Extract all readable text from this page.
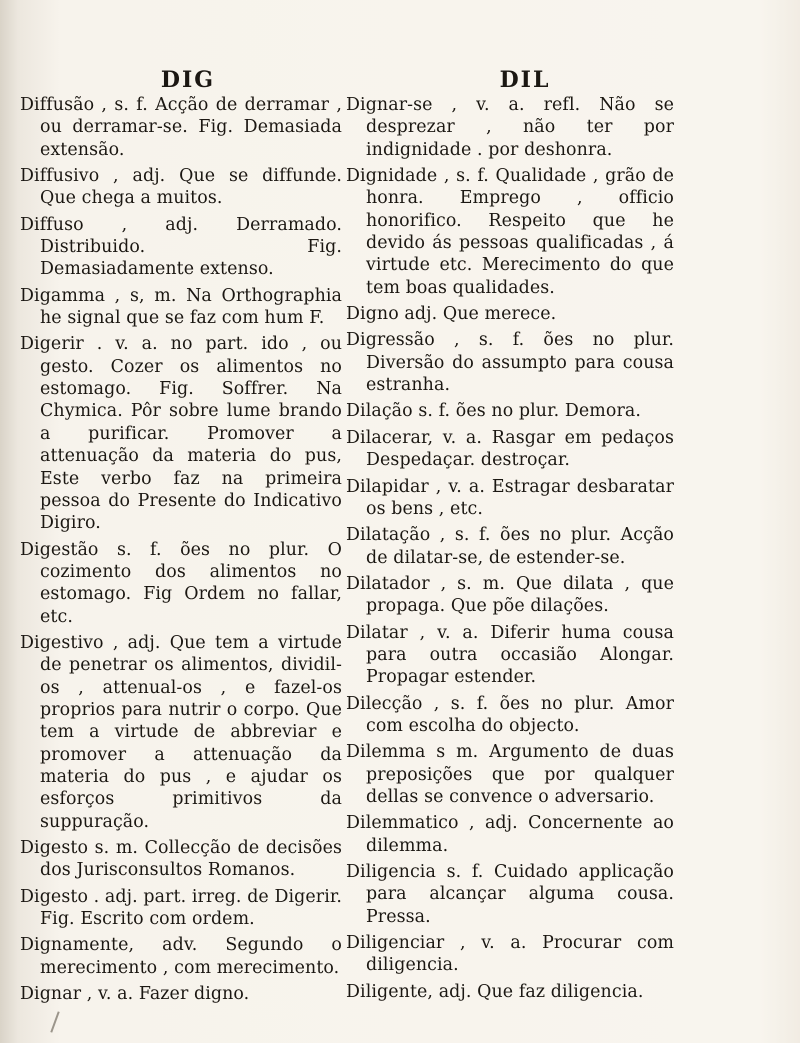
DIG

Diffusão , s. f. Acção de derramar , ou derramar-se. Fig. Demasiada extensão.

Diffusivo , adj. Que se diffunde. Que chega a muitos.

Diffuso , adj. Derramado. Distribuido. Fig. Demasiadamente extenso.

Digamma , s, m. Na Orthographia he signal que se faz com hum F.

Digerir . v. a. no part. ido , ou gesto. Cozer os alimentos no estomago. Fig. Soffrer. Na Chymica. Pôr sobre lume brando a purificar. Promover a attenuação da materia do pus, Este verbo faz na primeira pessoa do Presente do Indicativo Digiro.

Digestão s. f. ões no plur. O cozimento dos alimentos no estomago. Fig Ordem no fallar, etc.

Digestivo , adj. Que tem a virtude de penetrar os alimentos, dividil-os , attenual-os , e fazel-os proprios para nutrir o corpo. Que tem a virtude de abbreviar e promover a attenuação da materia do pus , e ajudar os esforços primitivos da suppuração.

Digesto s. m. Collecção de decisões dos Jurisconsultos Romanos.

Digesto . adj. part. irreg. de Digerir. Fig. Escrito com ordem.

Dignamente, adv. Segundo o merecimento , com merecimento.

Dignar , v. a. Fazer digno.

DIL

Dignar-se , v. a. refl. Não se desprezar , não ter por indignidade . por deshonra.

Dignidade , s. f. Qualidade , grão de honra. Emprego , officio honorifico. Respeito que he devido ás pessoas qualificadas , á virtude etc. Merecimento do que tem boas qualidades.

Digno adj. Que merece.

Digressão , s. f. ões no plur. Diversão do assumpto para cousa estranha.

Dilação s. f. ões no plur. Demora.

Dilacerar, v. a. Rasgar em pedaços Despedaçar. destroçar.

Dilapidar , v. a. Estragar desbaratar os bens , etc.

Dilatação , s. f. ões no plur. Acção de dilatar-se, de estender-se.

Dilatador , s. m. Que dilata , que propaga. Que põe dilações.

Dilatar , v. a. Diferir huma cousa para outra occasião Alongar. Propagar estender.

Dilecção , s. f. ões no plur. Amor com escolha do objecto.

Dilemma s m. Argumento de duas preposições que por qualquer dellas se convence o adversario.

Dilemmatico , adj. Concernente ao dilemma.

Diligencia s. f. Cuidado applicação para alcançar alguma cousa. Pressa.

Diligenciar , v. a. Procurar com diligencia.

Diligente, adj. Que faz diligencia.
